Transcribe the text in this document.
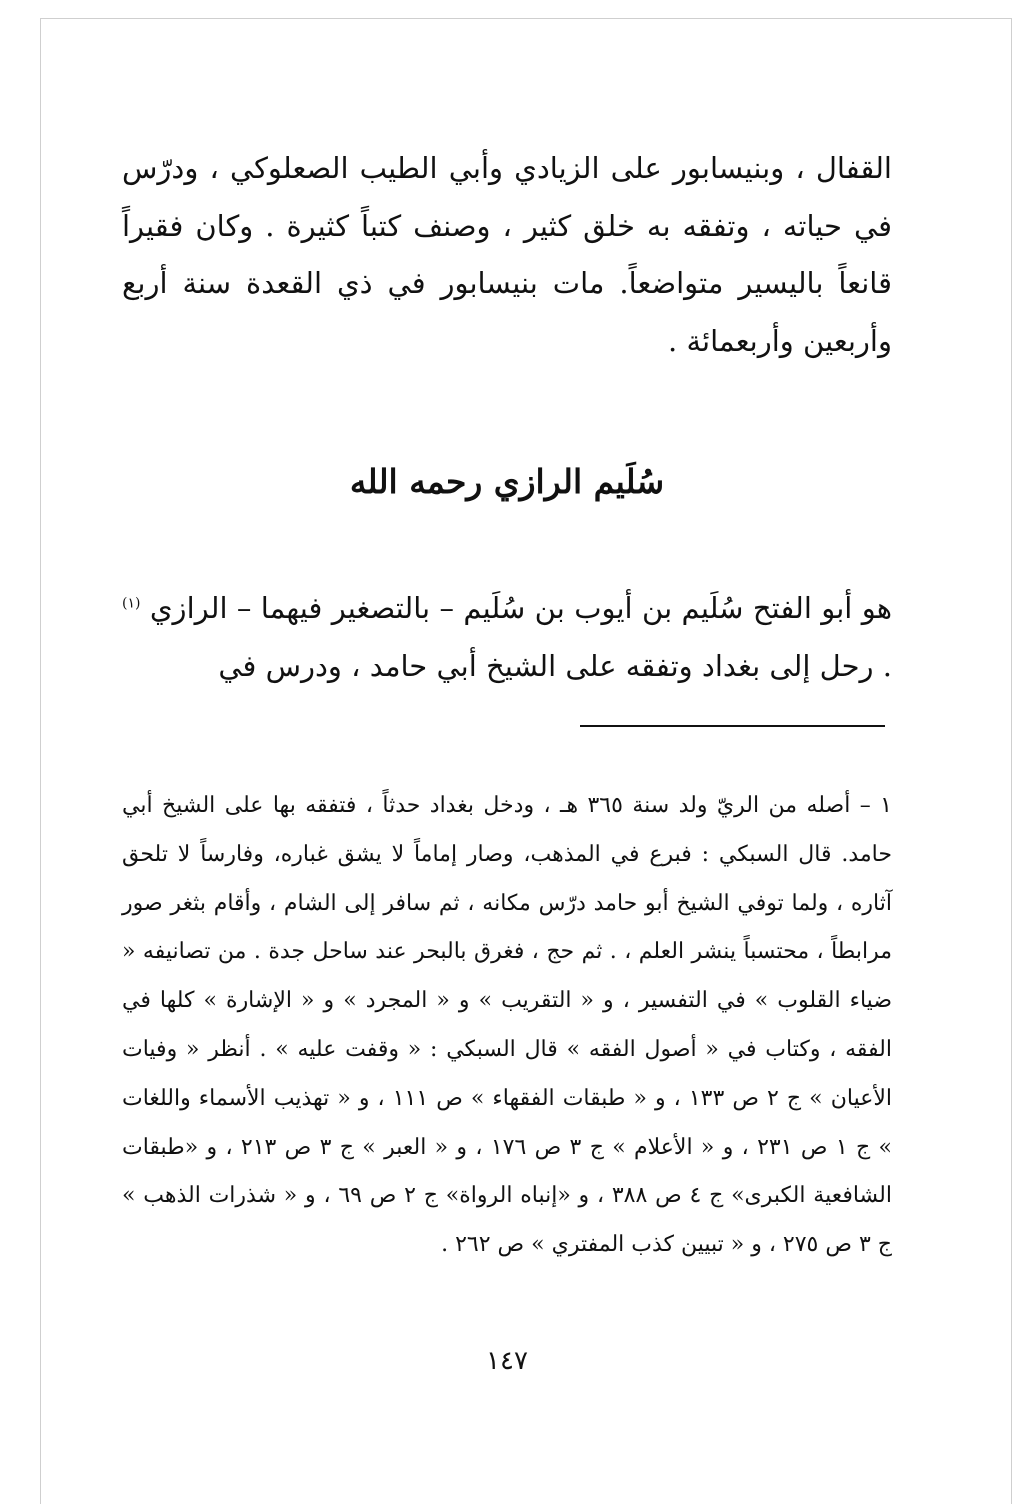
القفال ، وبنيسابور على الزيادي وأبي الطيب الصعلوكي ، ودرّس في حياته ، وتفقه به خلق كثير ، وصنف كتباً كثيرة . وكان فقيراً قانعاً باليسير متواضعاً. مات بنيسابور في ذي القعدة سنة أربع وأربعين وأربعمائة .

سُلَيم الرازي رحمه الله

هو أبو الفتح سُلَيم بن أيوب بن سُلَيم – بالتصغير فيهما – الرازي $^{(١)}$ . رحل إلى بغداد وتفقه على الشيخ أبي حامد ، ودرس في

١ – أصله من الريّ ولد سنة ٣٦٥ هـ ، ودخل بغداد حدثاً ، فتفقه بها على الشيخ أبي حامد. قال السبكي : فبرع في المذهب، وصار إماماً لا يشق غباره، وفارساً لا تلحق آثاره ، ولما توفي الشيخ أبو حامد درّس مكانه ، ثم سافر إلى الشام ، وأقام بثغر صور مرابطاً ، محتسباً ينشر العلم ، . ثم حج ، فغرق بالبحر عند ساحل جدة . من تصانيفه « ضياء القلوب » في التفسير ، و « التقريب » و « المجرد » و « الإشارة » كلها في الفقه ، وكتاب في « أصول الفقه » قال السبكي : « وقفت عليه » . أنظر « وفيات الأعيان » ج ٢ ص ١٣٣ ، و « طبقات الفقهاء » ص ١١١ ، و « تهذيب الأسماء واللغات » ج ١ ص ٢٣١ ، و « الأعلام » ج ٣ ص ١٧٦ ، و « العبر » ج ٣ ص ٢١٣ ، و «طبقات الشافعية الكبرى» ج ٤ ص ٣٨٨ ، و «إنباه الرواة» ج ٢ ص ٦٩ ، و « شذرات الذهب » ج ٣ ص ٢٧٥ ، و « تبيين كذب المفتري » ص ٢٦٢ .

١٤٧
